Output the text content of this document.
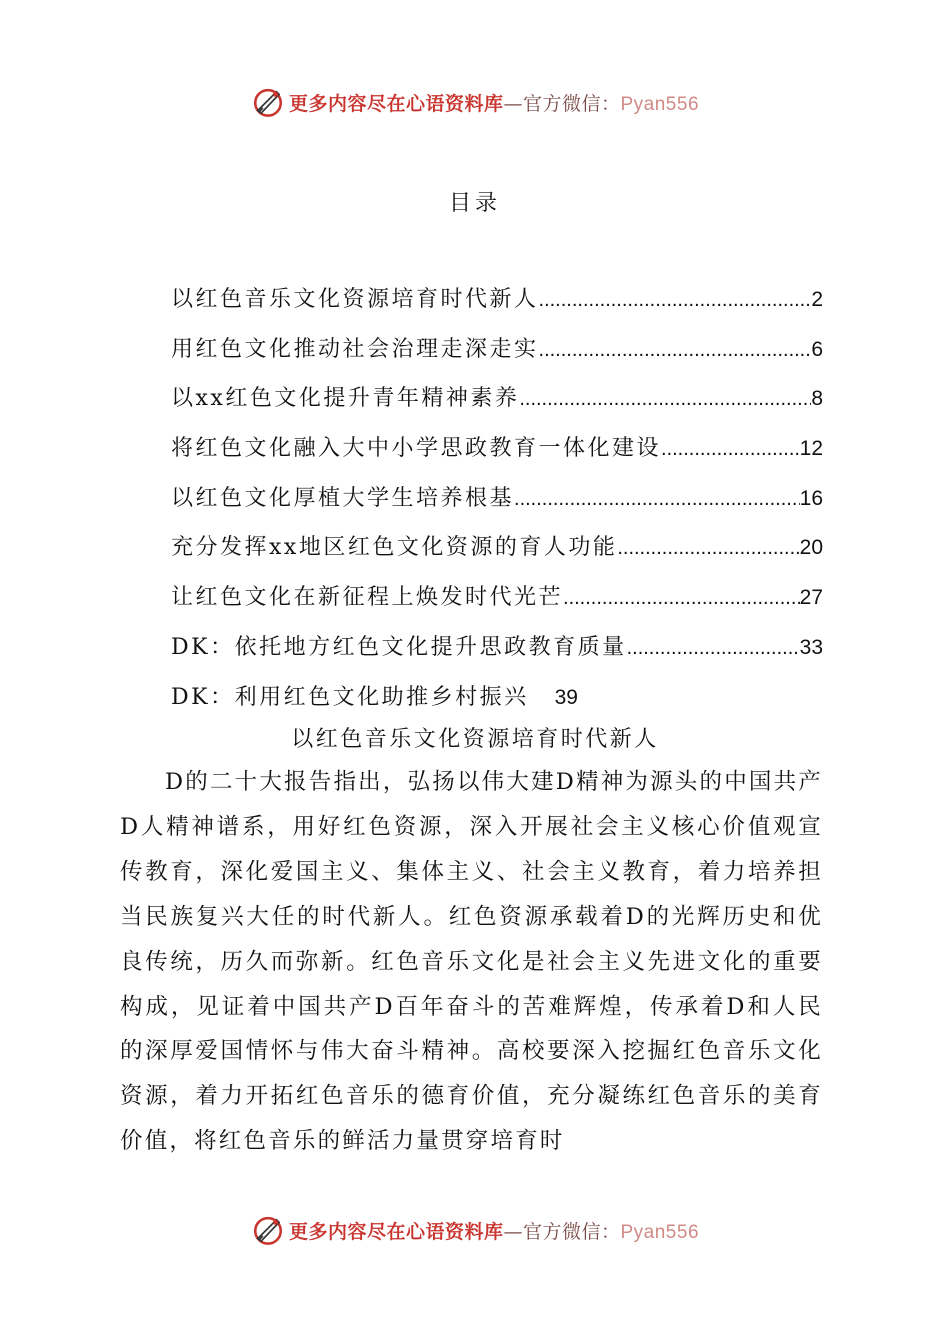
更多内容尽在心语资料库—官方微信：Pyan556
目录
以红色音乐文化资源培育时代新人 .....	2
用红色文化推动社会治理走深走实 .....	6
以xx红色文化提升青年精神素养 .....	8
将红色文化融入大中小学思政教育一体化建设 .....	12
以红色文化厚植大学生培养根基 .....	16
充分发挥xx地区红色文化资源的育人功能 .....	20
让红色文化在新征程上焕发时代光芒 .....	27
DK：依托地方红色文化提升思政教育质量 .....	33
DK：利用红色文化助推乡村振兴 39
以红色音乐文化资源培育时代新人
D的二十大报告指出，弘扬以伟大建D精神为源头的中国共产D人精神谱系，用好红色资源，深入开展社会主义核心价值观宣传教育，深化爱国主义、集体主义、社会主义教育，着力培养担当民族复兴大任的时代新人。红色资源承载着D的光辉历史和优良传统，历久而弥新。红色音乐文化是社会主义先进文化的重要构成，见证着中国共产D百年奋斗的苦难辉煌，传承着D和人民的深厚爱国情怀与伟大奋斗精神。高校要深入挖掘红色音乐文化资源，着力开拓红色音乐的德育价值，充分凝练红色音乐的美育价值，将红色音乐的鲜活力量贯穿培育时
更多内容尽在心语资料库—官方微信：Pyan556
